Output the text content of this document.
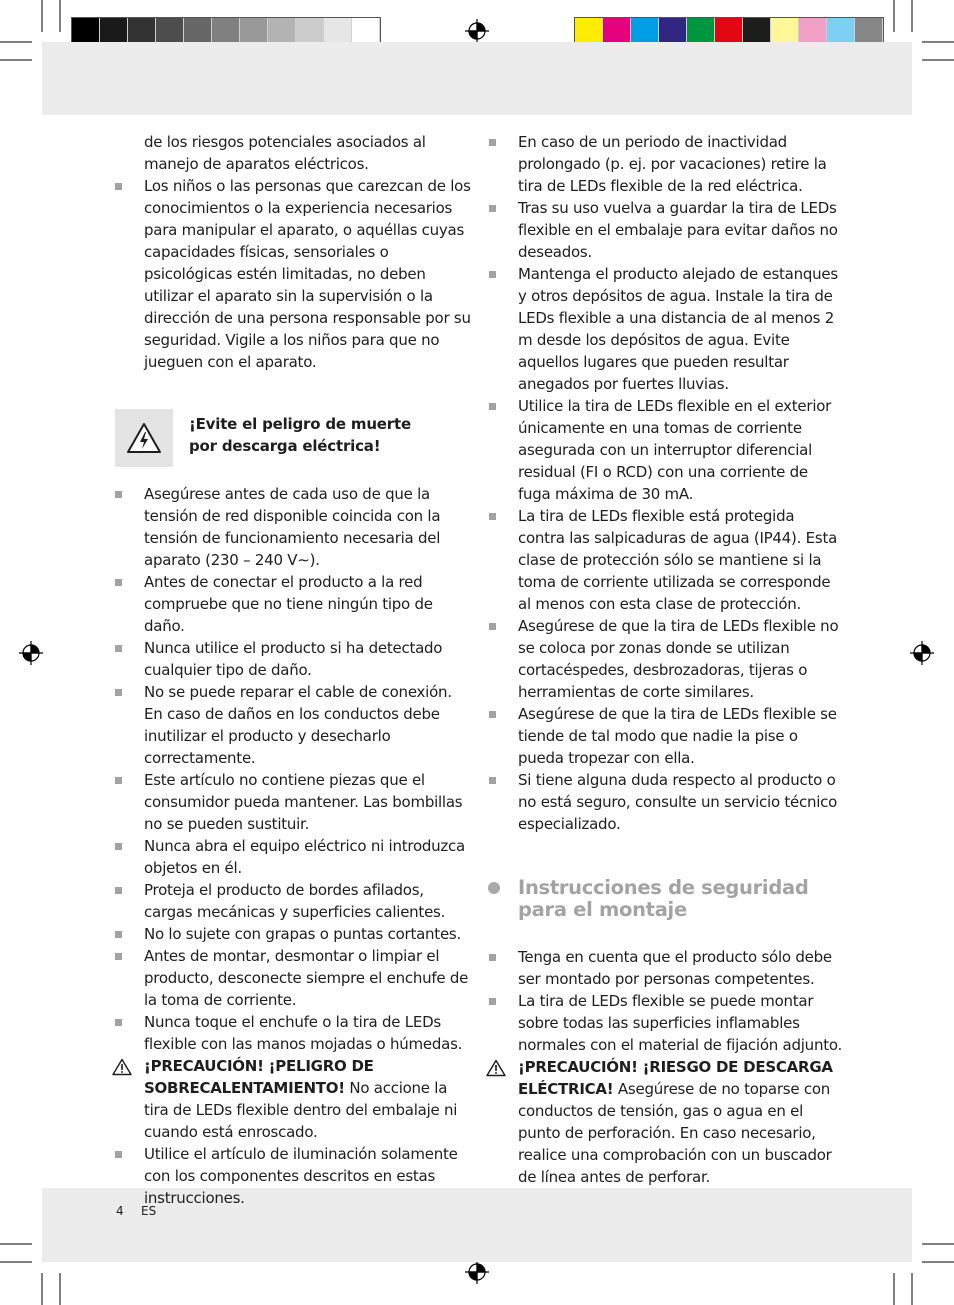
de los riesgos potenciales asociados al manejo de aparatos eléctricos.

Los niños o las personas que carezcan de los conocimientos o la experiencia necesarios para manipular el aparato, o aquéllas cuyas capacidades físicas, sensoriales o psicológicas estén limitadas, no deben utilizar el aparato sin la supervisión o la dirección de una persona responsable por su seguridad. Vigile a los niños para que no jueguen con el aparato.
¡Evite el peligro de muerte
por descarga eléctrica!
Asegúrese antes de cada uso de que la tensión de red disponible coincida con la tensión de funcionamiento necesaria del aparato (230 – 240 V∼).
Antes de conectar el producto a la red compruebe que no tiene ningún tipo de daño.
Nunca utilice el producto si ha detectado cualquier tipo de daño.
No se puede reparar el cable de conexión. En caso de daños en los conductos debe inutilizar el producto y desecharlo correctamente.
Este artículo no contiene piezas que el consumidor pueda mantener. Las bombillas no se pueden sustituir.
Nunca abra el equipo eléctrico ni introduzca objetos en él.
Proteja el producto de bordes afilados, cargas mecánicas y superficies calientes.
No lo sujete con grapas o puntas cortantes.
Antes de montar, desmontar o limpiar el producto, desconecte siempre el enchufe de la toma de corriente.
Nunca toque el enchufe o la tira de LEDs flexible con las manos mojadas o húmedas.
¡PRECAUCIÓN! ¡PELIGRO DE SOBRECALENTAMIENTO! No accione la tira de LEDs flexible dentro del embalaje ni cuando está enroscado.
Utilice el artículo de iluminación solamente con los componentes descritos en estas instrucciones.
En caso de un periodo de inactividad prolongado (p. ej. por vacaciones) retire la tira de LEDs flexible de la red eléctrica.
Tras su uso vuelva a guardar la tira de LEDs flexible en el embalaje para evitar daños no deseados.
Mantenga el producto alejado de estanques y otros depósitos de agua. Instale la tira de LEDs flexible a una distancia de al menos 2 m desde los depósitos de agua. Evite aquellos lugares que pueden resultar anegados por fuertes lluvias.
Utilice la tira de LEDs flexible en el exterior únicamente en una tomas de corriente asegurada con un interruptor diferencial residual (FI o RCD) con una corriente de fuga máxima de 30 mA.
La tira de LEDs flexible está protegida contra las salpicaduras de agua (IP44). Esta clase de protección sólo se mantiene si la toma de corriente utilizada se corresponde al menos con esta clase de protección.
Asegúrese de que la tira de LEDs flexible no se coloca por zonas donde se utilizan cortacéspedes, desbrozadoras, tijeras o herramientas de corte similares.
Asegúrese de que la tira de LEDs flexible se tiende de tal modo que nadie la pise o pueda tropezar con ella.
Si tiene alguna duda respecto al producto o no está seguro, consulte un servicio técnico especializado.
Instrucciones de seguridad
para el montaje
Tenga en cuenta que el producto sólo debe ser montado por personas competentes.
La tira de LEDs flexible se puede montar sobre todas las superficies inflamables normales con el material de fijación adjunto.
¡PRECAUCIÓN! ¡RIESGO DE DESCARGA ELÉCTRICA! Asegúrese de no toparse con conductos de tensión, gas o agua en el punto de perforación. En caso necesario, realice una comprobación con un buscador de línea antes de perforar.
4 ES
